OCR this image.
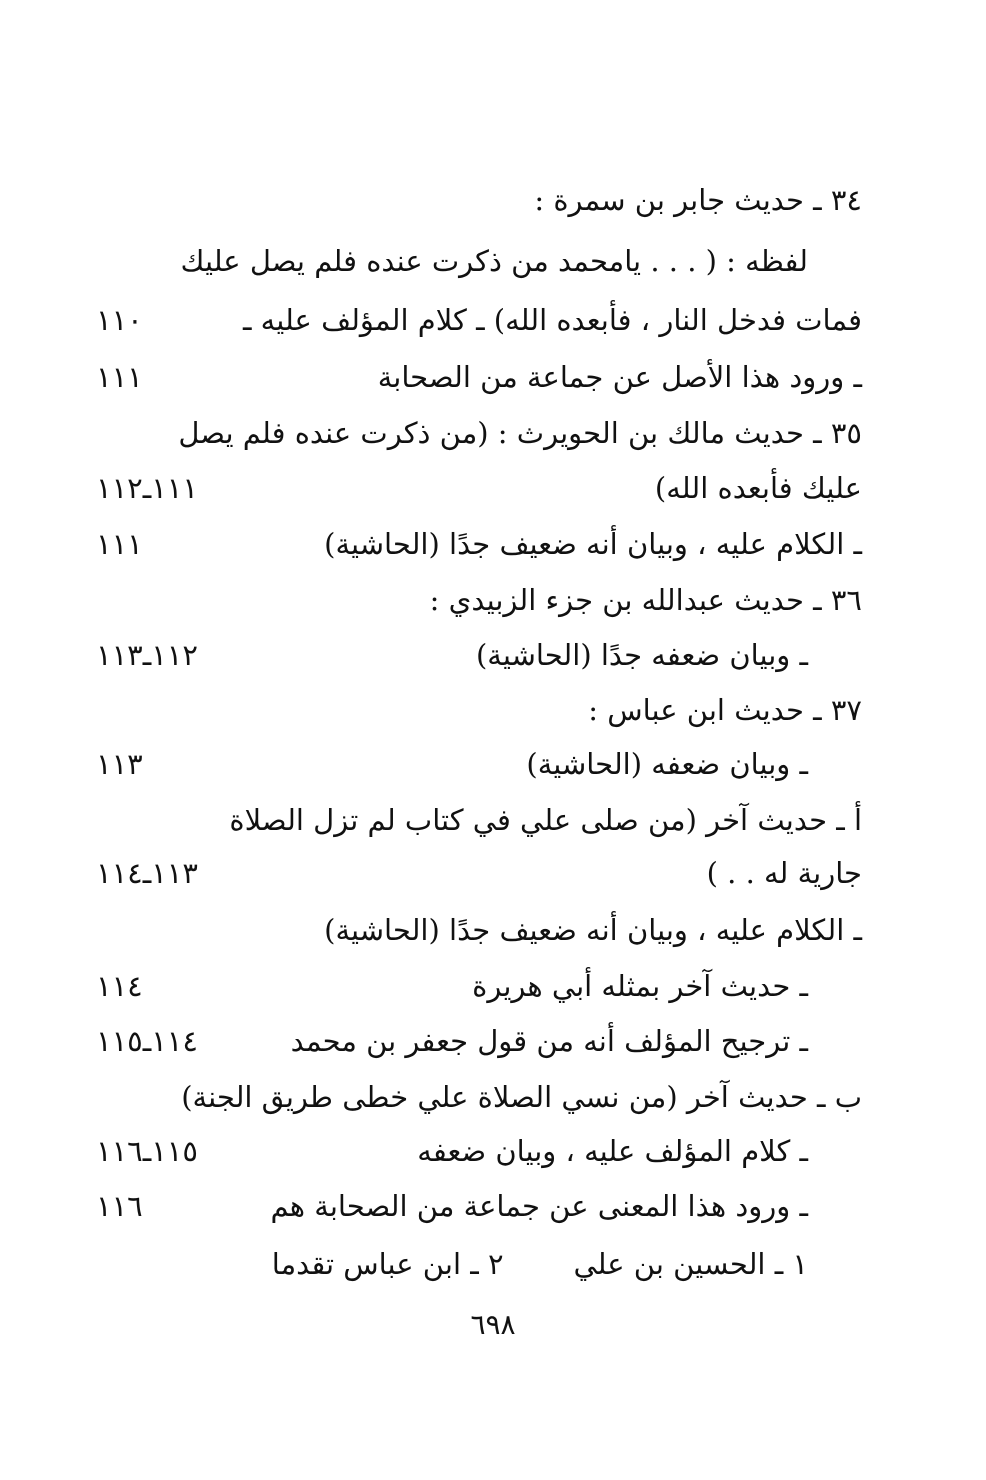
٣٤ ـ حديث جابر بن سمرة :
لفظه : ( . . . يامحمد من ذكرت عنده فلم يصل عليك
فمات فدخل النار ، فأبعده الله) ـ كلام المؤلف عليه ـ
١١٠
ـ ورود هذا الأصل عن جماعة من الصحابة
١١١
٣٥ ـ حديث مالك بن الحويرث : (من ذكرت عنده فلم يصل
عليك فأبعده الله)
١١١ـ١١٢
ـ الكلام عليه ، وبيان أنه ضعيف جدًا (الحاشية)
١١١
٣٦ ـ حديث عبدالله بن جزء الزبيدي :
ـ وبيان ضعفه جدًا (الحاشية)
١١٢ـ١١٣
٣٧ ـ حديث ابن عباس :
ـ وبيان ضعفه (الحاشية)
١١٣
أ ـ حديث آخر (من صلى علي في كتاب لم تزل الصلاة
جارية له . . )
١١٣ـ١١٤
ـ الكلام عليه ، وبيان أنه ضعيف جدًا (الحاشية)
ـ حديث آخر بمثله أبي هريرة
١١٤
ـ ترجيح المؤلف أنه من قول جعفر بن محمد
١١٤ـ١١٥
ب ـ حديث آخر (من نسي الصلاة علي خطى طريق الجنة)
ـ كلام المؤلف عليه ، وبيان ضعفه
١١٥ـ١١٦
ـ ورود هذا المعنى عن جماعة من الصحابة هم
١١٦
١ ـ الحسين بن علي٢ ـ ابن عباس تقدما
٦٩٨
